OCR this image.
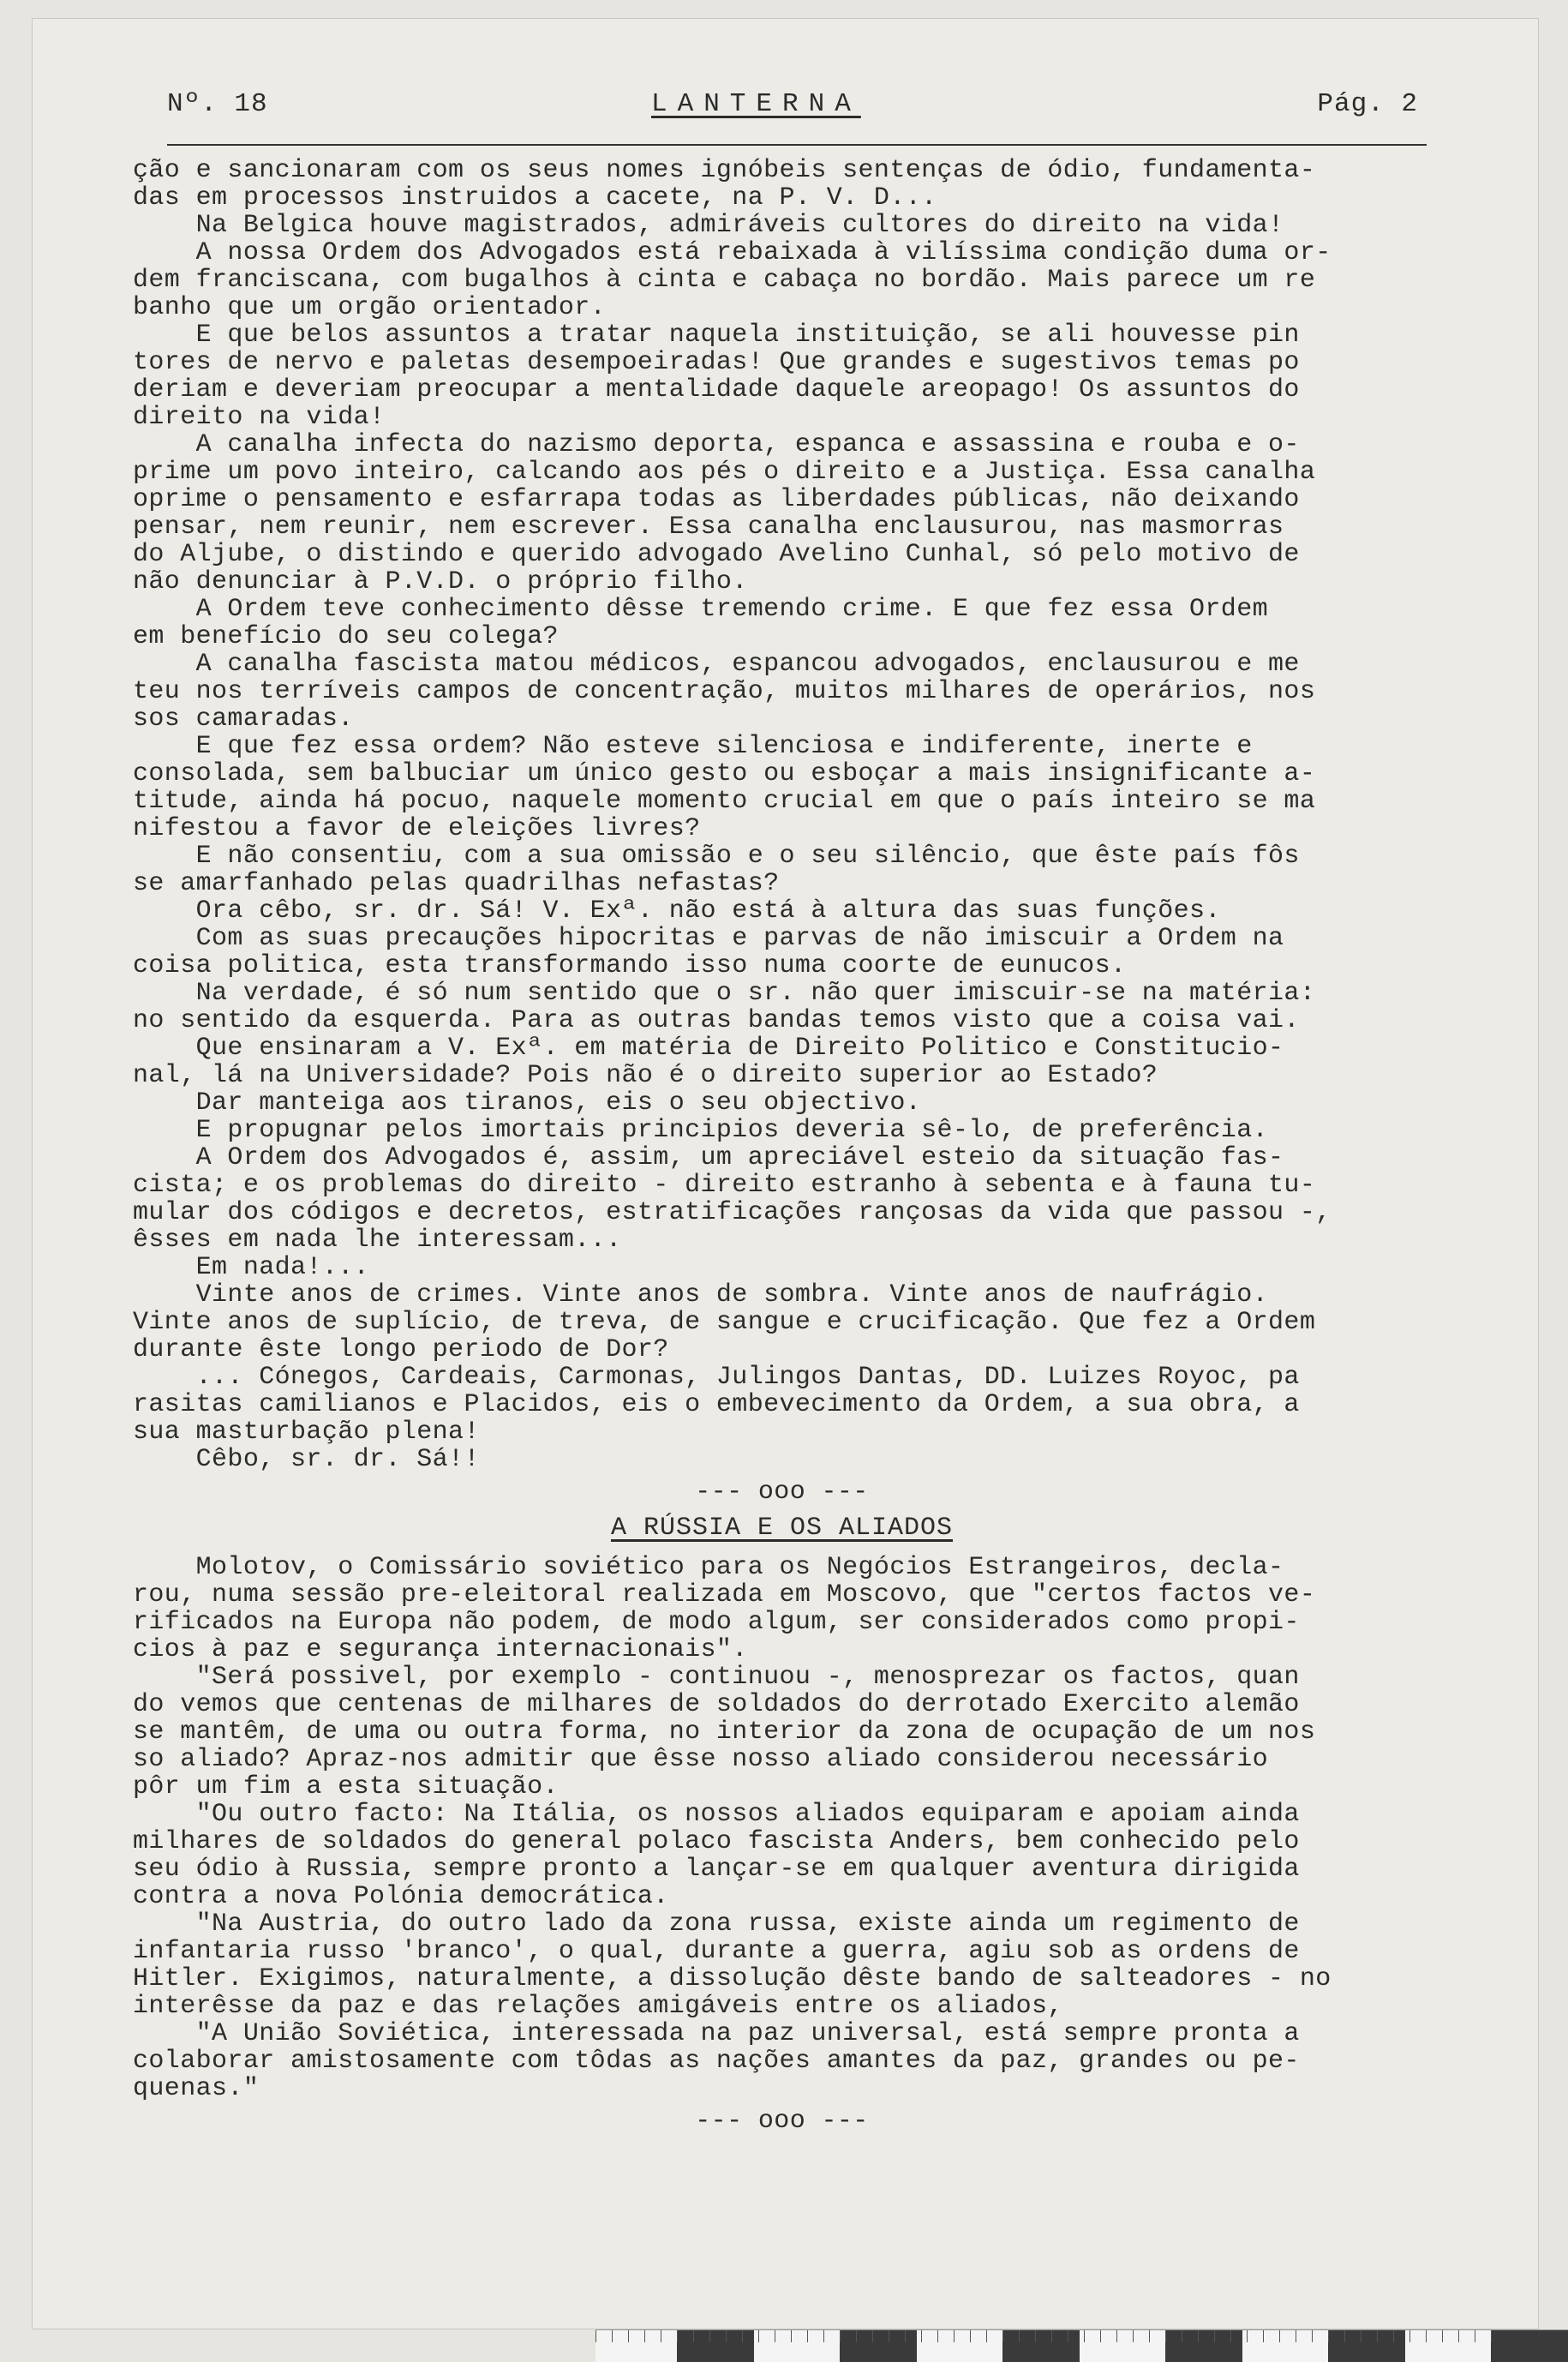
Nº. 18	LANTERNA	Pág. 2

ção e sancionaram com os seus nomes ignóbeis sentenças de ódio, fundamenta-

das em processos instruidos a cacete, na P. V. D...

Na Belgica houve magistrados, admiráveis cultores do direito na vida!

A nossa Ordem dos Advogados está rebaixada à vilíssima condição duma or-

dem franciscana, com bugalhos à cinta e cabaça no bordão. Mais parece um re

banho que um orgão orientador.

E que belos assuntos a tratar naquela instituição, se ali houvesse pin

tores de nervo e paletas desempoeiradas! Que grandes e sugestivos temas po

deriam e deveriam preocupar a mentalidade daquele areopago! Os assuntos do

direito na vida!

A canalha infecta do nazismo deporta, espanca e assassina e rouba e o-

prime um povo inteiro, calcando aos pés o direito e a Justiça. Essa canalha

oprime o pensamento e esfarrapa todas as liberdades públicas, não deixando

pensar, nem reunir, nem escrever. Essa canalha enclausurou, nas masmorras

do Aljube, o distindo e querido advogado Avelino Cunhal, só pelo motivo de

não denunciar à P.V.D. o próprio filho.

A Ordem teve conhecimento dêsse tremendo crime. E que fez essa Ordem

em benefício do seu colega?

A canalha fascista matou médicos, espancou advogados, enclausurou e me

teu nos terríveis campos de concentração, muitos milhares de operários, nos

sos camaradas.

E que fez essa ordem? Não esteve silenciosa e indiferente, inerte e

consolada, sem balbuciar um único gesto ou esboçar a mais insignificante a-

titude, ainda há pocuo, naquele momento crucial em que o país inteiro se ma

nifestou a favor de eleições livres?

E não consentiu, com a sua omissão e o seu silêncio, que êste país fôs

se amarfanhado pelas quadrilhas nefastas?

Ora cêbo, sr. dr. Sá! V. Exª. não está à altura das suas funções.

Com as suas precauções hipocritas e parvas de não imiscuir a Ordem na

coisa politica, esta transformando isso numa coorte de eunucos.

Na verdade, é só num sentido que o sr. não quer imiscuir-se na matéria:

no sentido da esquerda. Para as outras bandas temos visto que a coisa vai.

Que ensinaram a V. Exª. em matéria de Direito Politico e Constitucio-

nal, lá na Universidade? Pois não é o direito superior ao Estado?

Dar manteiga aos tiranos, eis o seu objectivo.

E propugnar pelos imortais principios deveria sê-lo, de preferência.

A Ordem dos Advogados é, assim, um apreciável esteio da situação fas-

cista; e os problemas do direito - direito estranho à sebenta e à fauna tu-

mular dos códigos e decretos, estratificações rançosas da vida que passou -,

êsses em nada lhe interessam...

Em nada!...

Vinte anos de crimes. Vinte anos de sombra. Vinte anos de naufrágio.

Vinte anos de suplício, de treva, de sangue e crucificação. Que fez a Ordem

durante êste longo periodo de Dor?

... Cónegos, Cardeais, Carmonas, Julingos Dantas, DD. Luizes Royoc, pa

rasitas camilianos e Placidos, eis o embevecimento da Ordem, a sua obra, a

sua masturbação plena!

Cêbo, sr. dr. Sá!!

--- ooo ---
A RÚSSIA E OS ALIADOS

Molotov, o Comissário soviético para os Negócios Estrangeiros, decla-

rou, numa sessão pre-eleitoral realizada em Moscovo, que "certos factos ve-

rificados na Europa não podem, de modo algum, ser considerados como propi-

cios à paz e segurança internacionais".

"Será possivel, por exemplo - continuou -, menosprezar os factos, quan

do vemos que centenas de milhares de soldados do derrotado Exercito alemão

se mantêm, de uma ou outra forma, no interior da zona de ocupação de um nos

so aliado? Apraz-nos admitir que êsse nosso aliado considerou necessário

pôr um fim a esta situação.

"Ou outro facto: Na Itália, os nossos aliados equiparam e apoiam ainda

milhares de soldados do general polaco fascista Anders, bem conhecido pelo

seu ódio à Russia, sempre pronto a lançar-se em qualquer aventura dirigida

contra a nova Polónia democrática.

"Na Austria, do outro lado da zona russa, existe ainda um regimento de

infantaria russo 'branco', o qual, durante a guerra, agiu sob as ordens de

Hitler. Exigimos, naturalmente, a dissolução dêste bando de salteadores - no

interêsse da paz e das relações amigáveis entre os aliados,

"A União Soviética, interessada na paz universal, está sempre pronta a

colaborar amistosamente com tôdas as nações amantes da paz, grandes ou pe-

quenas."

--- ooo ---
